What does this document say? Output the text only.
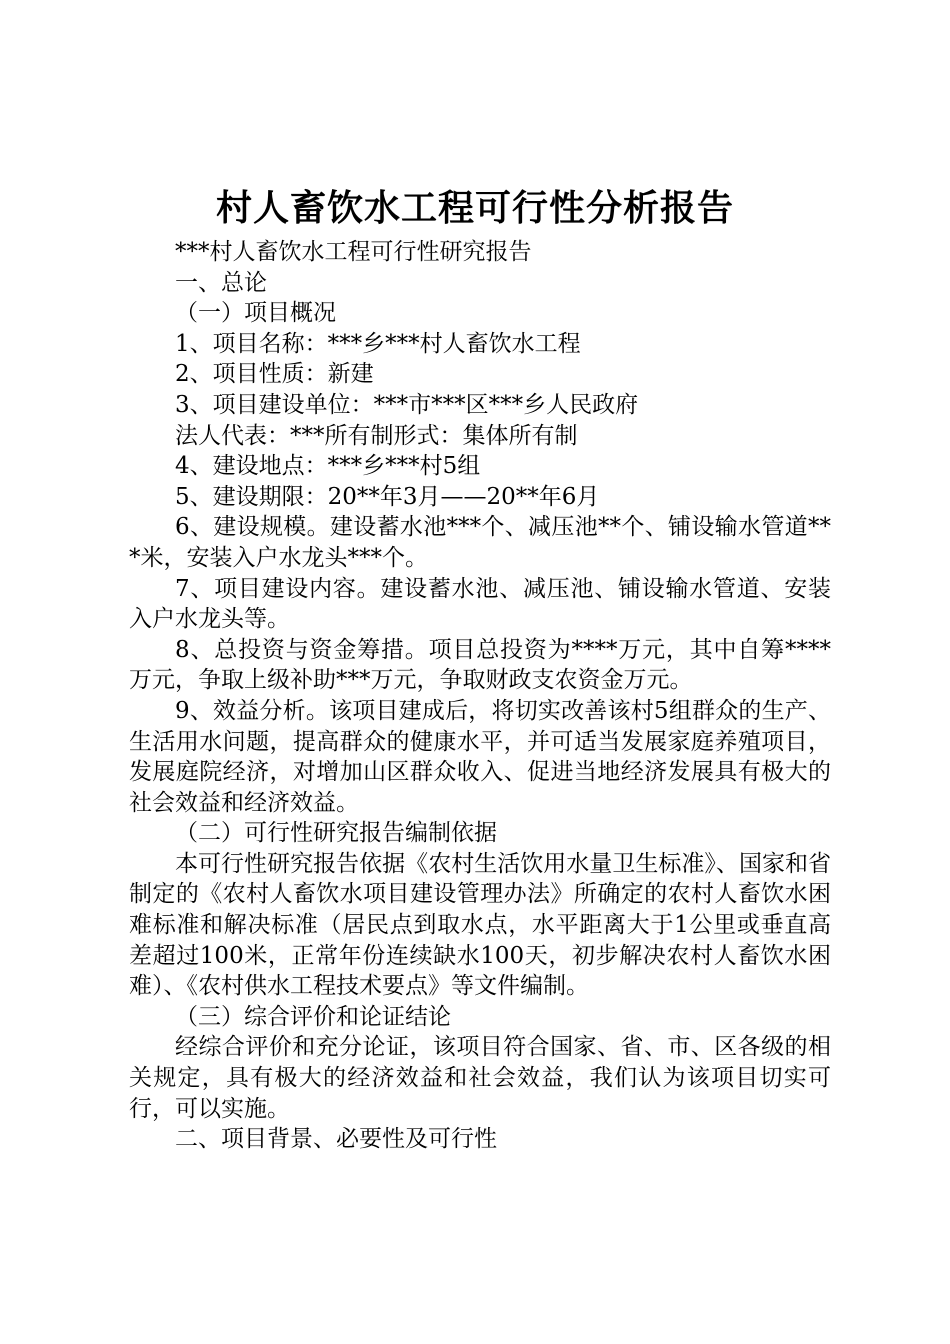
村人畜饮水工程可行性分析报告

***村人畜饮水工程可行性研究报告

一、总论

（一）项目概况

1、项目名称：***乡***村人畜饮水工程

2、项目性质：新建

3、项目建设单位：***市***区***乡人民政府

法人代表：***所有制形式：集体所有制

4、建设地点：***乡***村5组

5、建设期限：20**年3月——20**年6月

6、建设规模。建设蓄水池***个、减压池**个、铺设输水管道***米，安装入户水龙头***个。

7、项目建设内容。建设蓄水池、减压池、铺设输水管道、安装入户水龙头等。

8、总投资与资金筹措。项目总投资为****万元，其中自筹****万元，争取上级补助***万元，争取财政支农资金万元。

9、效益分析。该项目建成后，将切实改善该村5组群众的生产、生活用水问题，提高群众的健康水平，并可适当发展家庭养殖项目，发展庭院经济，对增加山区群众收入、促进当地经济发展具有极大的社会效益和经济效益。

（二）可行性研究报告编制依据

本可行性研究报告依据《农村生活饮用水量卫生标准》、国家和省制定的《农村人畜饮水项目建设管理办法》所确定的农村人畜饮水困难标准和解决标准（居民点到取水点，水平距离大于1公里或垂直高差超过100米，正常年份连续缺水100天，初步解决农村人畜饮水困难）、《农村供水工程技术要点》等文件编制。

（三）综合评价和论证结论

经综合评价和充分论证，该项目符合国家、省、市、区各级的相关规定，具有极大的经济效益和社会效益，我们认为该项目切实可行，可以实施。

二、项目背景、必要性及可行性
